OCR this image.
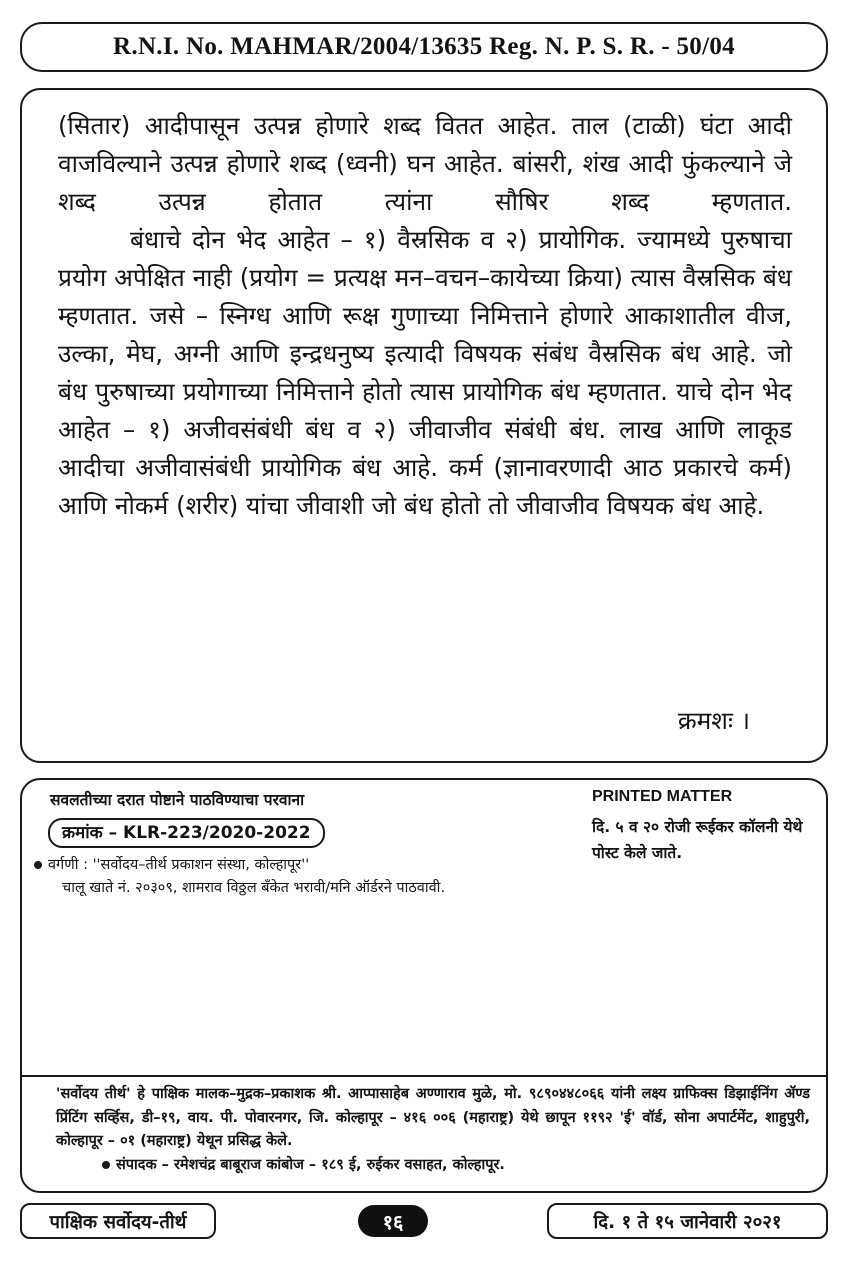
R.N.I. No. MAHMAR/2004/13635 Reg. N. P. S. R. - 50/04

(सितार) आदीपासून उत्पन्न होणारे शब्द वितत आहेत. ताल (टाळी) घंटा आदी वाजविल्याने उत्पन्न होणारे शब्द (ध्वनी) घन आहेत. बांसरी, शंख आदी फुंकल्याने जे शब्द उत्पन्न होतात त्यांना सौषिर शब्द म्हणतात.

बंधाचे दोन भेद आहेत – १) वैस्रसिक व २) प्रायोगिक. ज्यामध्ये पुरुषाचा प्रयोग अपेक्षित नाही (प्रयोग = प्रत्यक्ष मन–वचन–कायेच्या क्रिया) त्यास वैस्रसिक बंध म्हणतात. जसे – स्निग्ध आणि रूक्ष गुणाच्या निमित्ताने होणारे आकाशातील वीज, उल्का, मेघ, अग्नी आणि इन्द्रधनुष्य इत्यादी विषयक संबंध वैस्रसिक बंध आहे. जो बंध पुरुषाच्या प्रयोगाच्या निमित्ताने होतो त्यास प्रायोगिक बंध म्हणतात. याचे दोन भेद आहेत – १) अजीवसंबंधी बंध व २) जीवाजीव संबंधी बंध. लाख आणि लाकूड आदीचा अजीवासंबंधी प्रायोगिक बंध आहे. कर्म (ज्ञानावरणादी आठ प्रकारचे कर्म) आणि नोकर्म (शरीर) यांचा जीवाशी जो बंध होतो तो जीवाजीव विषयक बंध आहे.

क्रमशः ।
सवलतीच्या दरात पोष्टाने पाठविण्याचा परवाना
क्रमांक – KLR-223/2020-2022
वर्गणी : ''सर्वोदय–तीर्थ प्रकाशन संस्था, कोल्हापूर''
चालू खाते नं. २०३०९, शामराव विठ्ठल बँकेत भरावी/मनि ऑर्डरने पाठवावी.
PRINTED MATTER
दि. ५ व २० रोजी रूईकर कॉलनी येथे पोस्ट केले जाते.
'सर्वोदय तीर्थ' हे पाक्षिक मालक–मुद्रक–प्रकाशक श्री. आप्पासाहेब अण्णाराव मुळे, मो. ९८९०४४८०६६ यांनी लक्ष्य ग्राफिक्स डिझाईनिंग ॲण्ड प्रिंटिंग सर्व्हिस, डी–१९, वाय. पी. पोवारनगर, जि. कोल्हापूर – ४१६ ००६ (महाराष्ट्र) येथे छापून ११९२ 'ई' वॉर्ड, सोना अपार्टमेंट, शाहुपुरी, कोल्हापूर – ०१ (महाराष्ट्र) येथून प्रसिद्ध केले.
संपादक – रमेशचंद्र बाबूराज कांबोज – १८९ ई, रुईकर वसाहत, कोल्हापूर.
पाक्षिक सर्वोदय-तीर्थ	१६	दि. १ ते १५ जानेवारी २०२१
